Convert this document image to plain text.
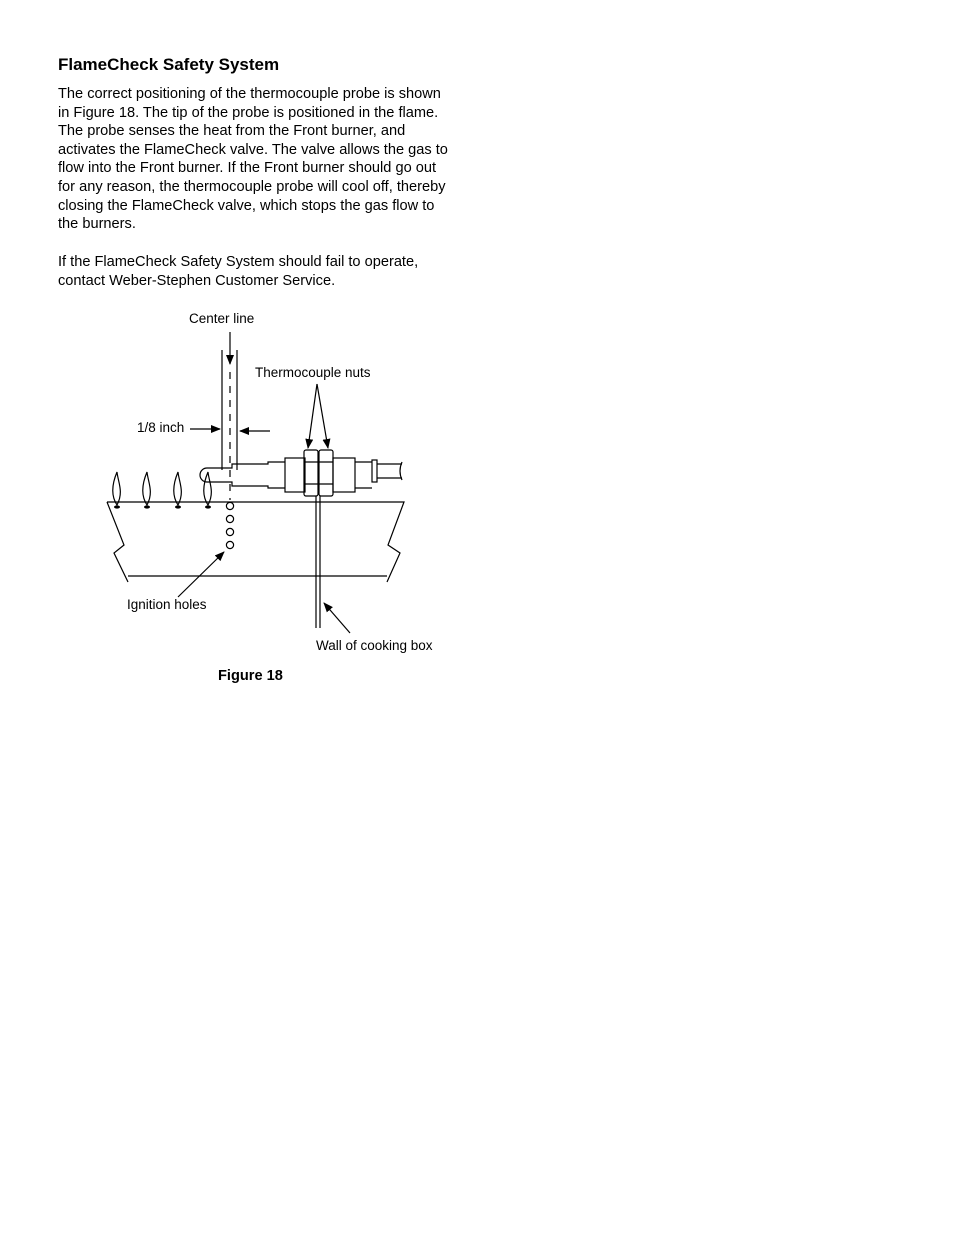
FlameCheck Safety System

The correct positioning of the thermocouple probe is shown in Figure 18. The tip of the probe is positioned in the flame. The probe senses the heat from the Front burner, and activates the FlameCheck valve. The valve allows the gas to flow into the Front burner. If the Front burner should go out for any reason, the thermocouple probe will cool off, thereby closing the FlameCheck valve, which stops the gas flow to the burners.

If the FlameCheck Safety System should fail to operate, contact Weber-Stephen Customer Service.

Center line
Thermocouple nuts
1/8 inch
Ignition holes
Wall of cooking box
Figure 18
